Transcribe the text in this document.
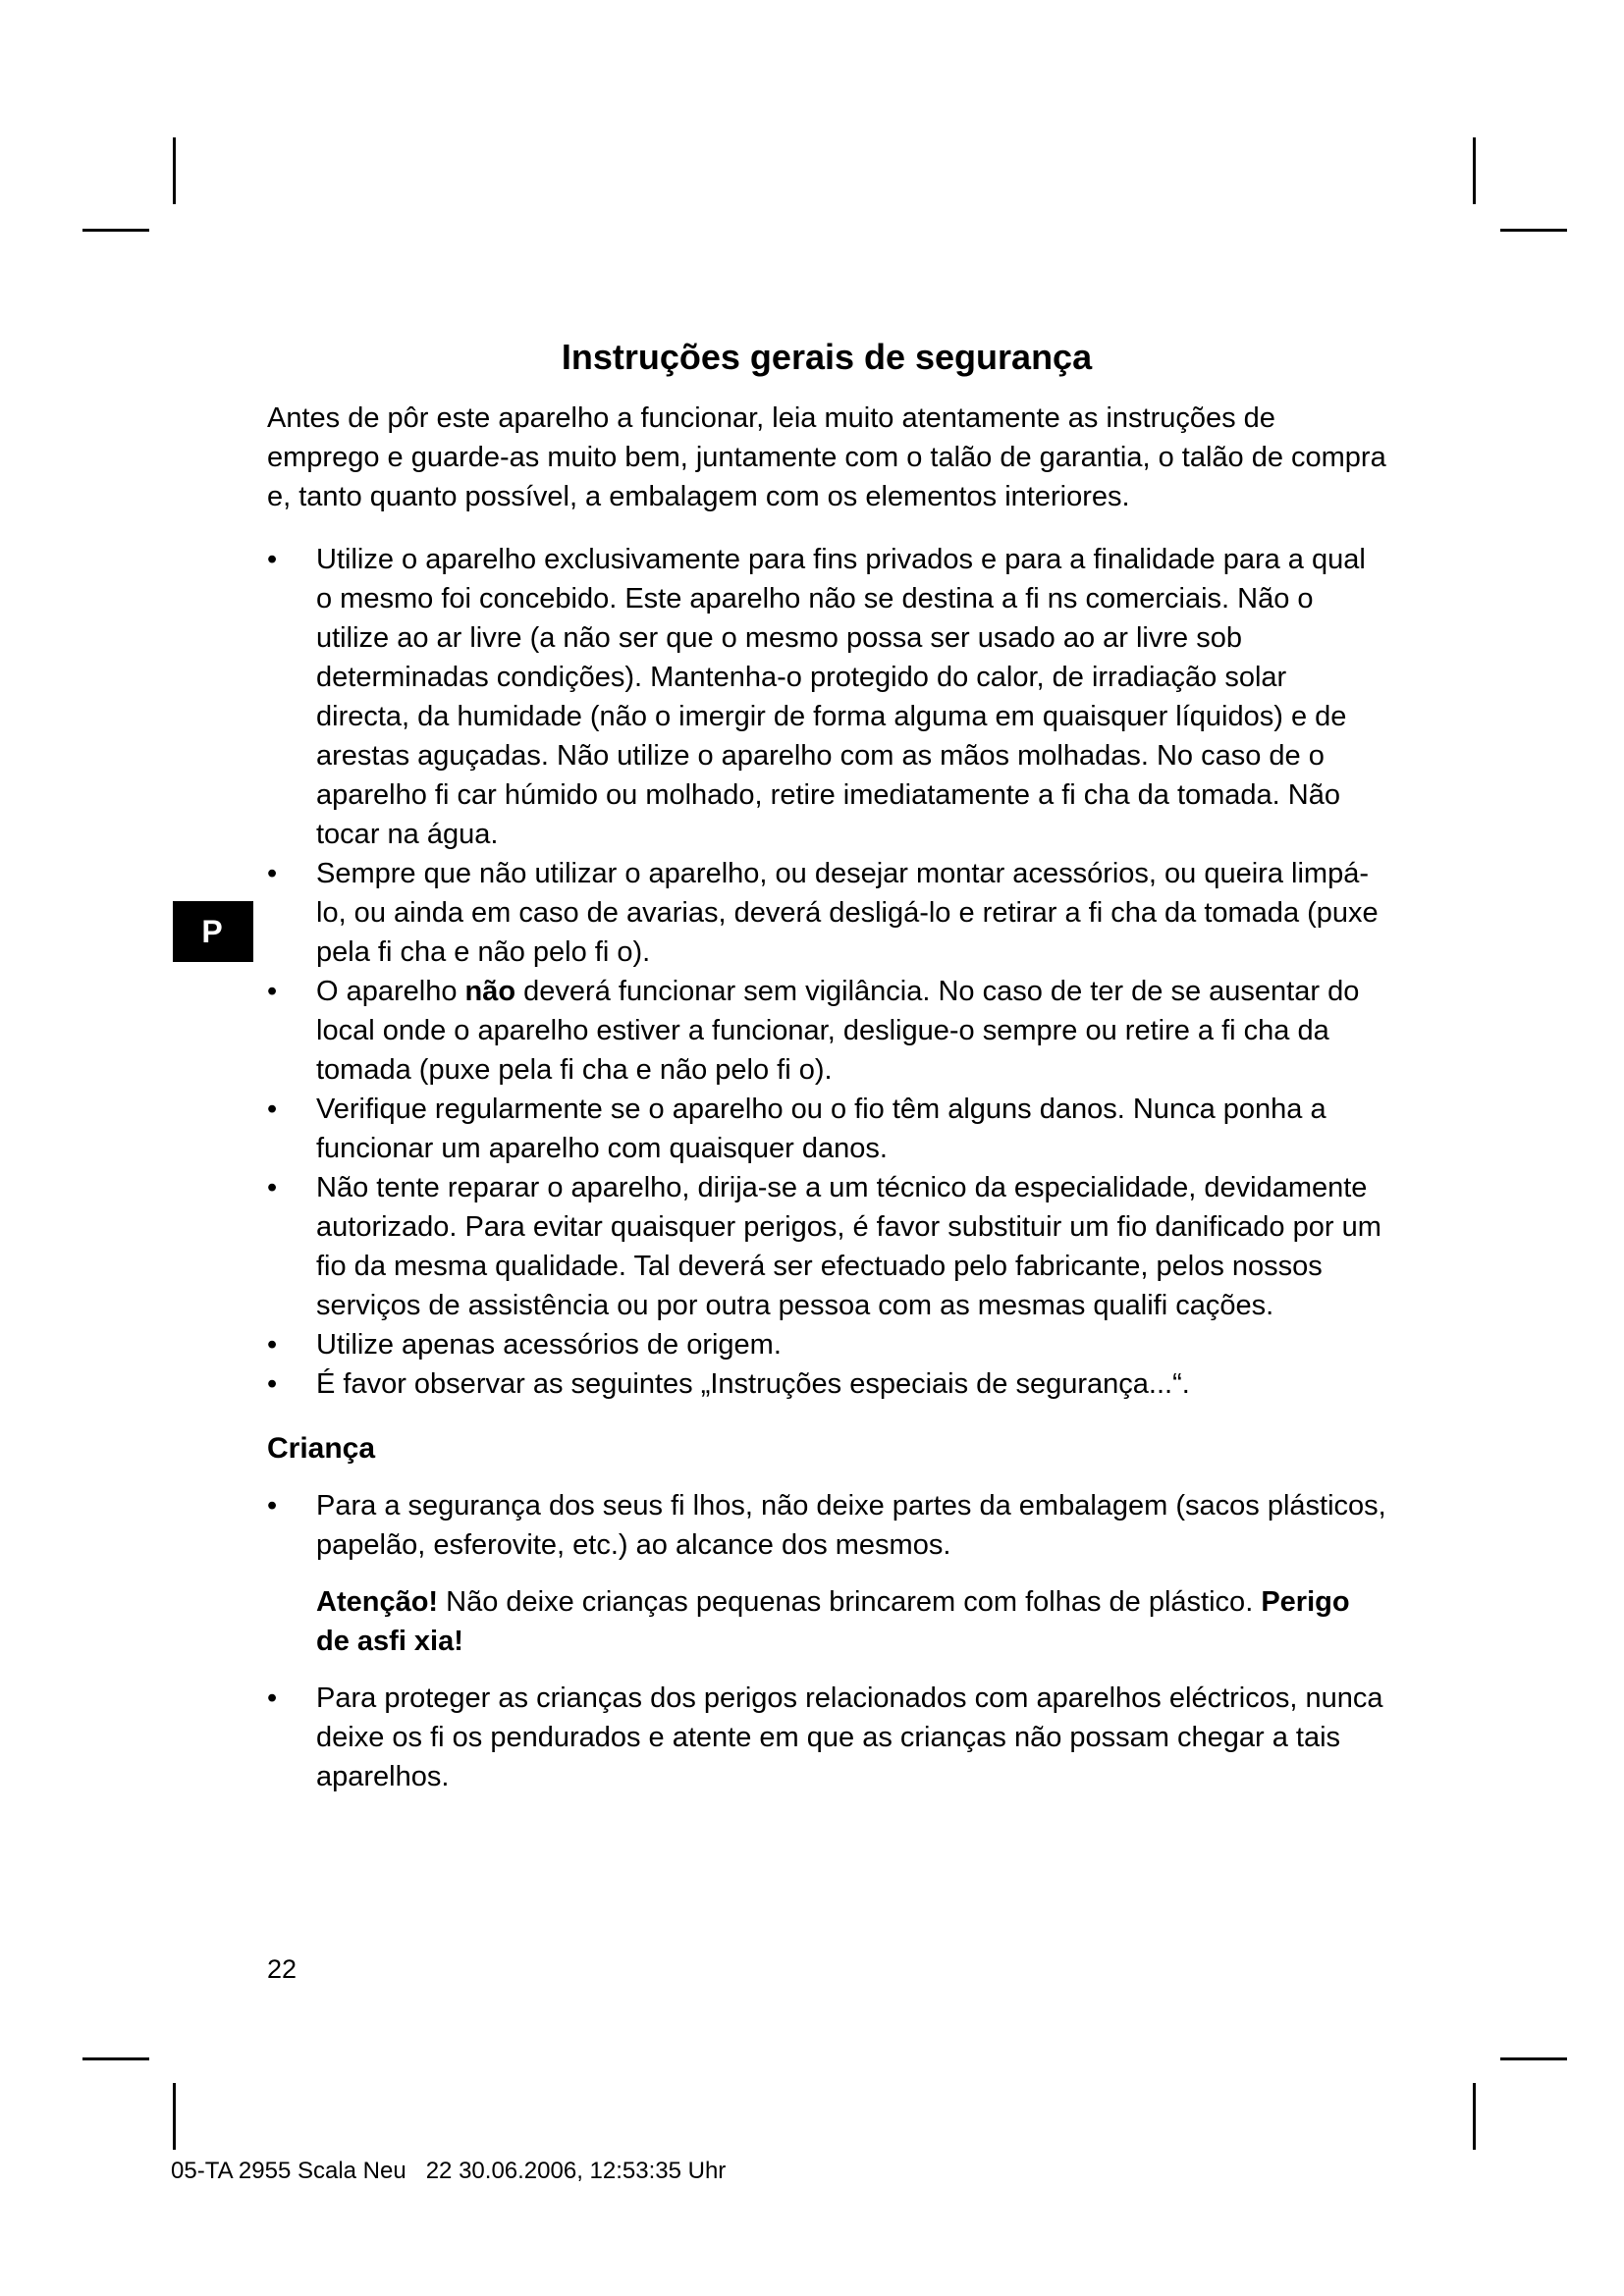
P
Instruções gerais de segurança

Antes de pôr este aparelho a funcionar, leia muito atentamente as instruções de emprego e guarde-as muito bem, juntamente com o talão de garantia, o talão de compra e, tanto quanto possível, a embalagem com os elementos interiores.

• Utilize o aparelho exclusivamente para fins privados e para a finalidade para a qual o mesmo foi concebido. Este aparelho não se destina a fi ns comerciais. Não o utilize ao ar livre (a não ser que o mesmo possa ser usado ao ar livre sob determinadas condições). Mantenha-o protegido do calor, de irradiação solar directa, da humidade (não o imergir de forma alguma em quaisquer líquidos) e de arestas aguçadas. Não utilize o aparelho com as mãos molhadas. No caso de o aparelho fi car húmido ou molhado, retire imediatamente a fi cha da tomada. Não tocar na água.
• Sempre que não utilizar o aparelho, ou desejar montar acessórios, ou queira limpá-lo, ou ainda em caso de avarias, deverá desligá-lo e retirar a fi cha da tomada (puxe pela fi cha e não pelo fi o).
• O aparelho não deverá funcionar sem vigilância. No caso de ter de se ausentar do local onde o aparelho estiver a funcionar, desligue-o sempre ou retire a fi cha da tomada (puxe pela fi cha e não pelo fi o).
• Verifique regularmente se o aparelho ou o fio têm alguns danos. Nunca ponha a funcionar um aparelho com quaisquer danos.
• Não tente reparar o aparelho, dirija-se a um técnico da especialidade, devidamente autorizado. Para evitar quaisquer perigos, é favor substituir um fio danificado por um fio da mesma qualidade. Tal deverá ser efectuado pelo fabricante, pelos nossos serviços de assistência ou por outra pessoa com as mesmas qualifi cações.
• Utilize apenas acessórios de origem.
• É favor observar as seguintes „Instruções especiais de segurança...“.
Criança
• Para a segurança dos seus fi lhos, não deixe partes da embalagem (sacos plásticos, papelão, esferovite, etc.) ao alcance dos mesmos.

Atenção! Não deixe crianças pequenas brincarem com folhas de plástico. Perigo de asfi xia!

• Para proteger as crianças dos perigos relacionados com aparelhos eléctricos, nunca deixe os fi os pendurados e atente em que as crianças não possam chegar a tais aparelhos.
22
05-TA 2955 Scala Neu   22 30.06.2006, 12:53:35 Uhr
